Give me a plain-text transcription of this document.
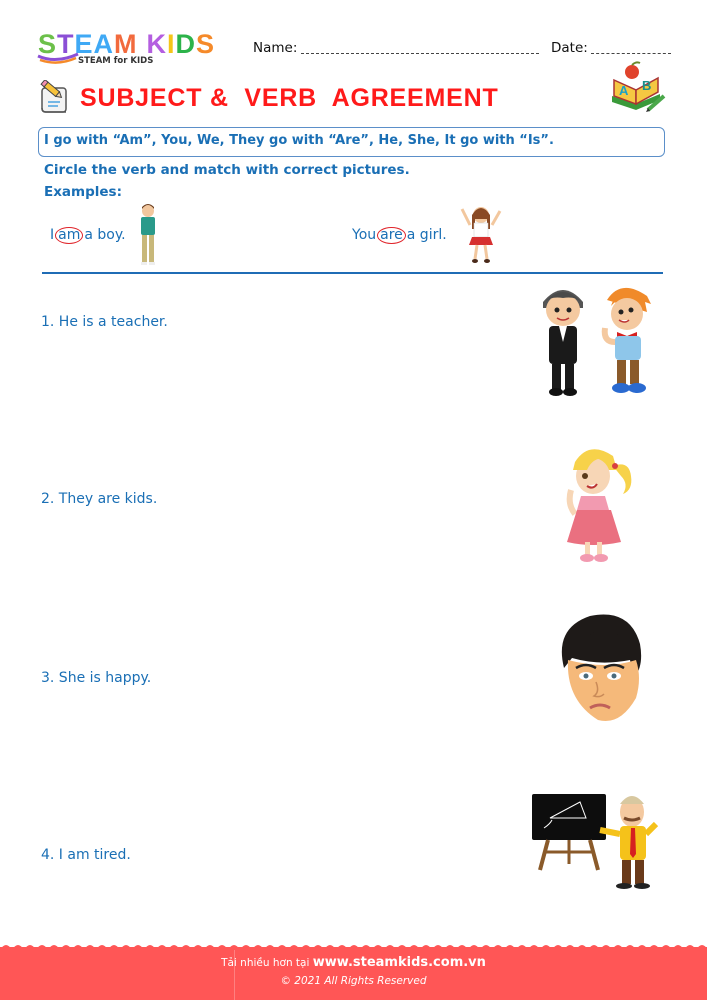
STEAM KIDS
STEAM for KIDS
Name:	Date:
SUBJECT &  VERB  AGREEMENT	A B
I go with “Am”, You, We, They go with “Are”, He, She, It go with “Is”.
Circle the verb and match with correct pictures.
Examples:
I am a boy.	You are a girl.
1. He is a teacher.
2. They are kids.
3. She is happy.
4. I am tired.
Tải nhiều hơn tại www.steamkids.com.vn
© 2021 All Rights Reserved
